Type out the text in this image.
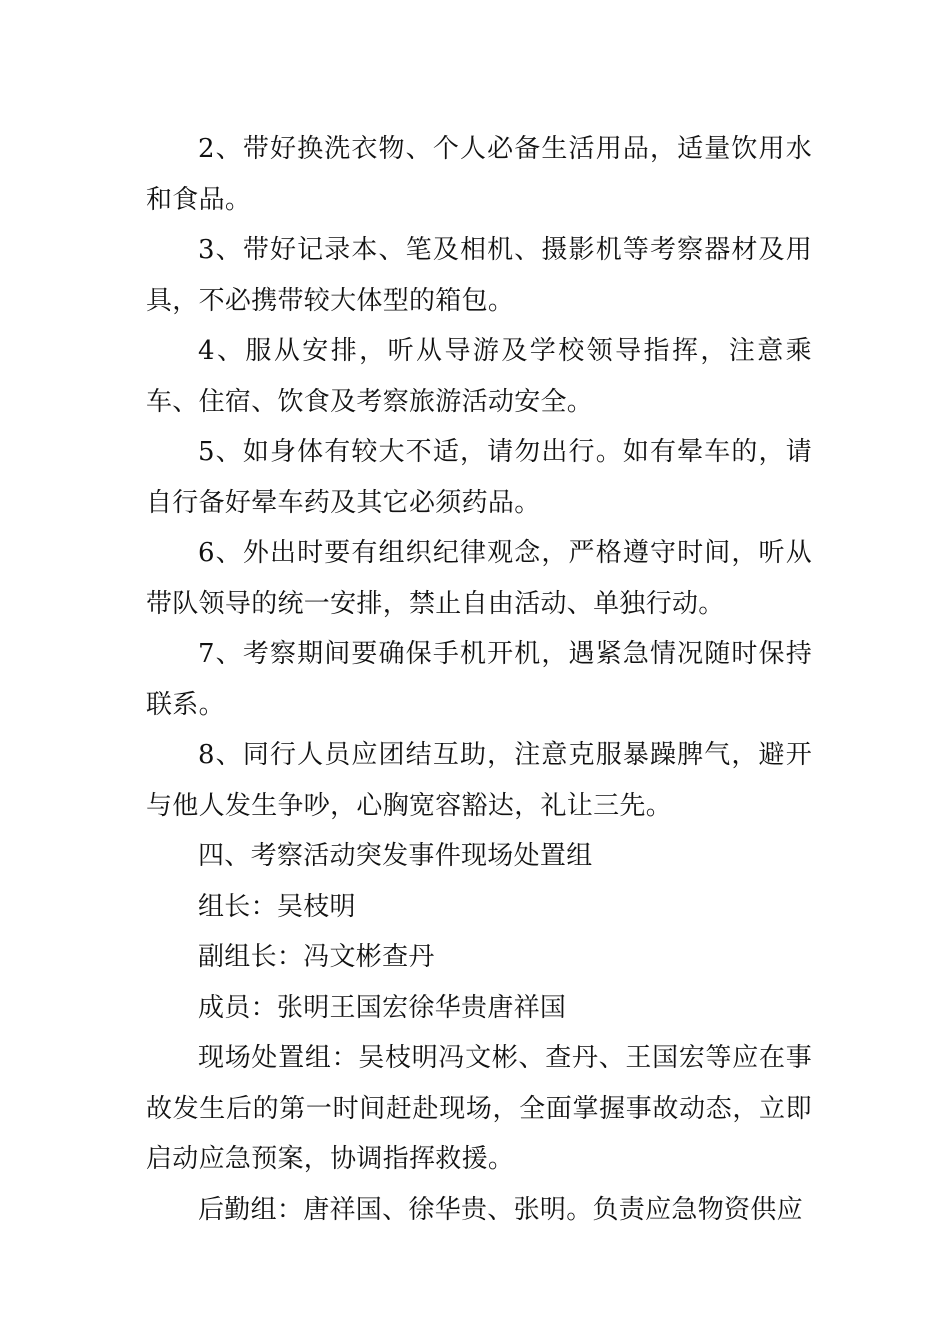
2、带好换洗衣物、个人必备生活用品，适量饮用水和食品。

3、带好记录本、笔及相机、摄影机等考察器材及用具，不必携带较大体型的箱包。

4、服从安排，听从导游及学校领导指挥，注意乘车、住宿、饮食及考察旅游活动安全。

5、如身体有较大不适，请勿出行。如有晕车的，请自行备好晕车药及其它必须药品。

6、外出时要有组织纪律观念，严格遵守时间，听从带队领导的统一安排，禁止自由活动、单独行动。

7、考察期间要确保手机开机，遇紧急情况随时保持联系。

8、同行人员应团结互助，注意克服暴躁脾气，避开与他人发生争吵，心胸宽容豁达，礼让三先。

四、考察活动突发事件现场处置组

组长：吴枝明

副组长：冯文彬查丹

成员：张明王国宏徐华贵唐祥国

现场处置组：吴枝明冯文彬、查丹、王国宏等应在事故发生后的第一时间赶赴现场，全面掌握事故动态，立即启动应急预案，协调指挥救援。

后勤组：唐祥国、徐华贵、张明。负责应急物资供应
